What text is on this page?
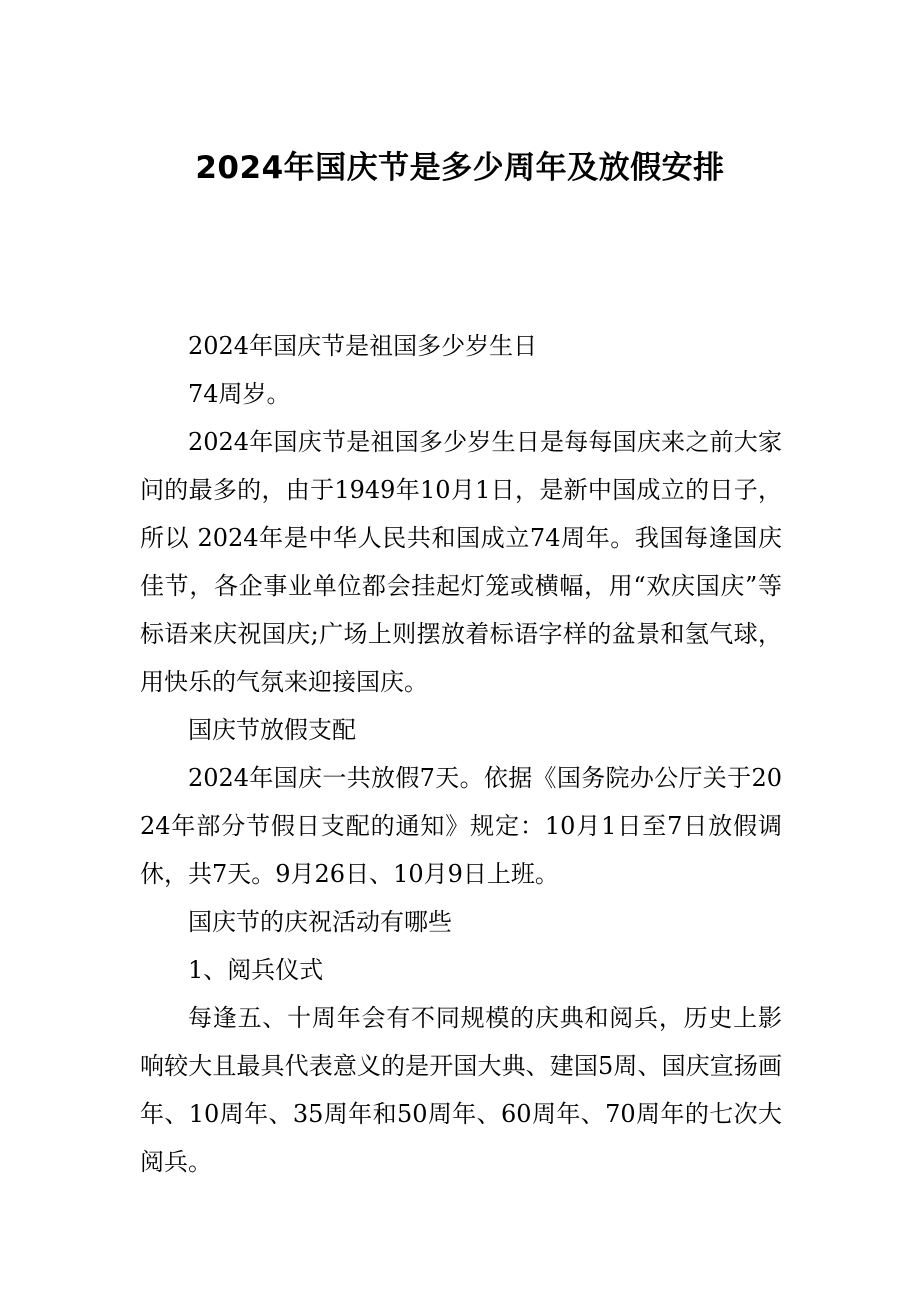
2024年国庆节是多少周年及放假安排

2024年国庆节是祖国多少岁生日

74周岁。

2024年国庆节是祖国多少岁生日是每每国庆来之前大家问的最多的，由于1949年10月1日，是新中国成立的日子，所以 2024年是中华人民共和国成立74周年。我国每逢国庆佳节，各企事业单位都会挂起灯笼或横幅，用“欢庆国庆”等标语来庆祝国庆;广场上则摆放着标语字样的盆景和氢气球，用快乐的气氛来迎接国庆。

国庆节放假支配

2024年国庆一共放假7天。依据《国务院办公厅关于2024年部分节假日支配的通知》规定：10月1日至7日放假调休，共7天。9月26日、10月9日上班。

国庆节的庆祝活动有哪些

1、阅兵仪式

每逢五、十周年会有不同规模的庆典和阅兵，历史上影响较大且最具代表意义的是开国大典、建国5周、国庆宣扬画年、10周年、35周年和50周年、60周年、70周年的七次大阅兵。
